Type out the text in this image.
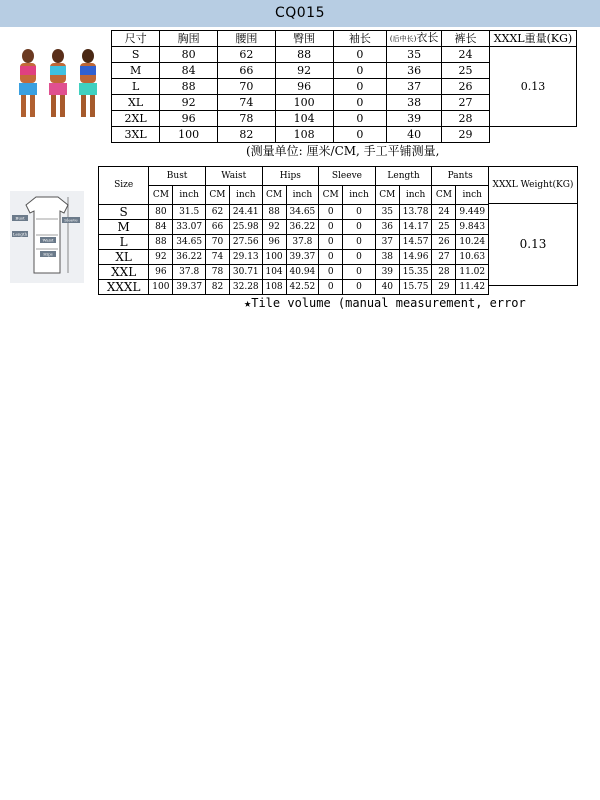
CQ015
尺寸	胸围	腰围	臀围	袖长	(后中长)衣长	裤长
S	80	62	88	0	35	24
M	84	66	92	0	36	25
L	88	70	96	0	37	26
XL	92	74	100	0	38	27
2XL	96	78	104	0	39	28
3XL	100	82	108	0	40	29
XXXL重量(KG)
0.13
(测量单位: 厘米/CM, 手工平铺测量,
Bust
Length
Waist
Hips
Sleeve
Size	Bust		Waist		Hips		Sleeve		Length		Pants	
	CM	inch	CM	inch	CM	inch	CM	inch	CM	inch	CM	inch
S	80	31.5	62	24.41	88	34.65	0	0	35	13.78	24	9.449
M	84	33.07	66	25.98	92	36.22	0	0	36	14.17	25	9.843
L	88	34.65	70	27.56	96	37.8	0	0	37	14.57	26	10.24
XL	92	36.22	74	29.13	100	39.37	0	0	38	14.96	27	10.63
XXL	96	37.8	78	30.71	104	40.94	0	0	39	15.35	28	11.02
XXXL	100	39.37	82	32.28	108	42.52	0	0	40	15.75	29	11.42
XXXL Weight(KG)
0.13
★Tile volume (manual measurement, error
